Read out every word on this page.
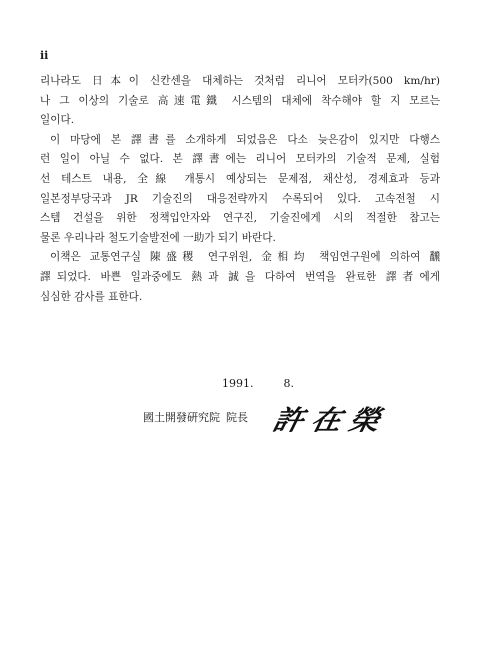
ii
리나라도 日本이 신칸센을 대체하는 것처럼 리니어 모터카(500 km/hr)
나 그 이상의 기술로 高速電鐵 시스템의 대체에 착수해야 할 지 모르는
일이다.
이 마당에 본 譯書를 소개하게 되었음은 다소 늦은감이 있지만 다행스
런 일이 아닐 수 없다. 본 譯書에는 리니어 모터카의 기술적 문제, 실험
선 테스트 내용, 全線 개통시 예상되는 문제점, 채산성, 경제효과 등과
일본정부당국과 JR 기술진의 대응전략까지 수록되어 있다. 고속전철 시
스템 건설을 위한 정책입안자와 연구진, 기술진에게 시의 적절한 참고는
물론 우리나라 철도기술발전에 一助가 되기 바란다.
이책은 교통연구실 陳盛稷 연구위원, 金相均 책임연구원에 의하여 飜
譯되었다. 바쁜 일과중에도 熱과 誠을 다하여 번역을 완료한 譯者에게
심심한 감사를 표한다.
1991.	8.
國土開發硏究院 院長 許在榮
